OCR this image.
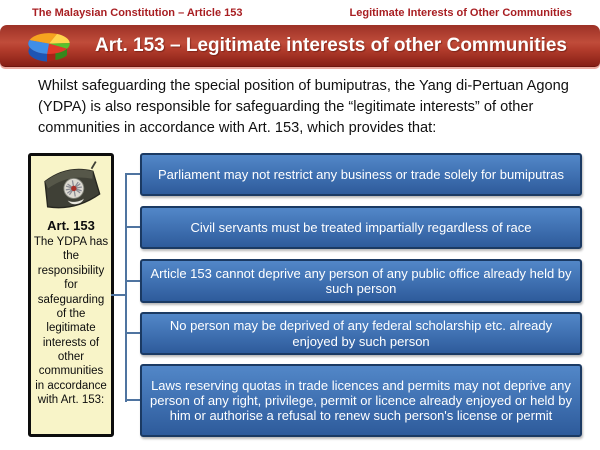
The Malaysian Constitution – Article 153	Legitimate Interests of Other Communities
Art. 153 – Legitimate interests of other Communities

Whilst safeguarding the special position of bumiputras, the Yang di-Pertuan Agong (YDPA) is also responsible for safeguarding the “legitimate interests” of other communities in accordance with Art. 153, which provides that:

Art. 153
The YDPA has the responsibility for safeguarding of the legitimate interests of other communities in accordance with Art. 153:
Parliament may not restrict any business or trade solely for bumiputras
Civil servants must be treated impartially regardless of race
Article 153 cannot deprive any person of any public office already held by such person
No person may be deprived of any federal scholarship etc. already enjoyed by such person
Laws reserving quotas in trade licences and permits may not deprive any person of any right, privilege, permit or licence already enjoyed or held by him or authorise a refusal to renew such person's license or permit
